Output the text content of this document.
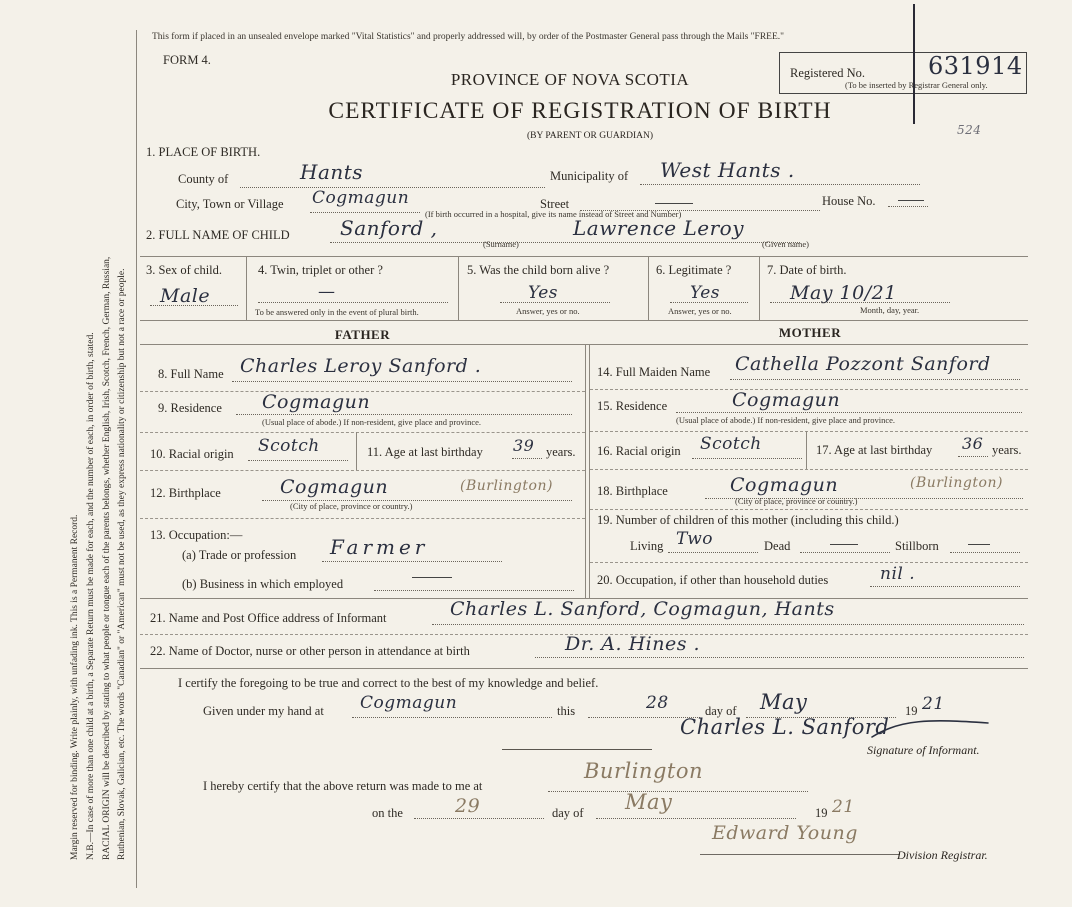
Margin reserved for binding. Write plainly, with unfading ink. This is a Permanent Record. N.B.—In case of more than one child at a birth, a Separate Return must be made for each, and the number of each, in order of birth, stated. RACIAL ORIGIN will be described by stating to what people or tongue each of the parents belongs, whether English, Irish, Scotch, French, German, Russian, Ruthenian, Slovak, Galician, etc. The words "Canadian" or "American" must not be used, as they express nationality or citizenship but not a race or people.
This form if placed in an unsealed envelope marked "Vital Statistics" and properly addressed will, by order of the Postmaster General pass through the Mails "FREE."
FORM 4.
Registered No.	631914
(To be inserted by Registrar General only.
524
PROVINCE OF NOVA SCOTIA
CERTIFICATE OF REGISTRATION OF BIRTH
(BY PARENT OR GUARDIAN)
1. PLACE OF BIRTH.
County of	Hants	Municipality of West Hants .
City, Town or Village Cogmagun	Street	House No.
(If birth occurred in a hospital, give its name instead of Street and Number)
2. FULL NAME OF CHILD	Sanford ,	Lawrence Leroy
(Surname)	(Given name)
3. Sex of child.
Male
4. Twin, triplet or other ?
—
To be answered only in the event of plural birth.
5. Was the child born alive ?
Yes
Answer, yes or no.
6. Legitimate ?
Yes
Answer, yes or no.
7. Date of birth.
May 10/21
Month, day, year.
FATHER	MOTHER
8. Full Name Charles Leroy Sanford .
9. Residence Cogmagun
(Usual place of abode.) If non-resident, give place and province.
10. Racial origin Scotch	11. Age at last birthday 39 years.
12. Birthplace	Cogmagun	(Burlington)
(City of place, province or country.)
13. Occupation:—
(a) Trade or profession Farmer
(b) Business in which employed
14. Full Maiden Name Cathella Pozzont Sanford
15. Residence	Cogmagun
(Usual place of abode.) If non-resident, give place and province.
16. Racial origin Scotch	17. Age at last birthday 36 years.
18. Birthplace	Cogmagun	(Burlington)
(City of place, province or country.)
19. Number of children of this mother (including this child.)
Living Two	Dead	Stillborn
20. Occupation, if other than household duties	nil .
21. Name and Post Office address of Informant	Charles L. Sanford, Cogmagun, Hants
22. Name of Doctor, nurse or other person in attendance at birth	Dr. A. Hines .
I certify the foregoing to be true and correct to the best of my knowledge and belief.
Given under my hand at Cogmagun	this	28	day of May	19 21
Charles L. Sanford
Signature of Informant.
I hereby certify that the above return was made to me at
Burlington
on the	29	day of May	19 21
Edward Young
Division Registrar.
